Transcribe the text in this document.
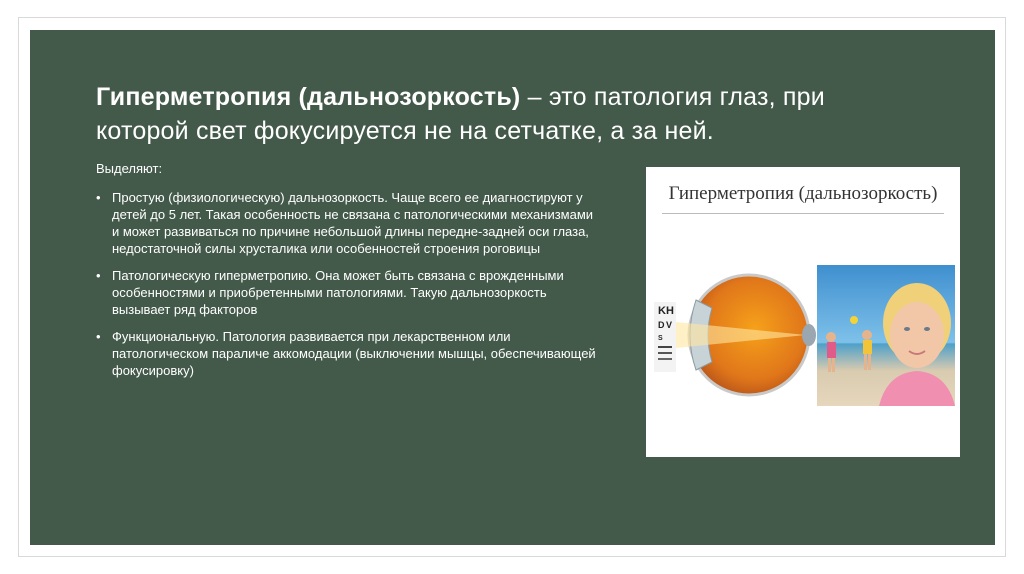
Гиперметропия (дальнозоркость) – это патология глаз, при которой свет фокусируется не на сетчатке, а за ней.
Выделяют:
• Простую (физиологическую) дальнозоркость. Чаще всего ее диагностируют у детей до 5 лет. Такая особенность не связана с патологическими механизмами и может развиваться по причине небольшой длины передне-задней оси глаза, недостаточной силы хрусталика или особенностей строения роговицы
• Патологическую гиперметропию. Она может быть связана с врожденными особенностями и приобретенными патологиями. Такую дальнозоркость вызывает ряд факторов
• Функциональную. Патология развивается при лекарственном или патологическом параличе аккомодации (выключении мышцы, обеспечивающей фокусировку)
Гиперметропия (дальнозоркость)
K H
D V
S
